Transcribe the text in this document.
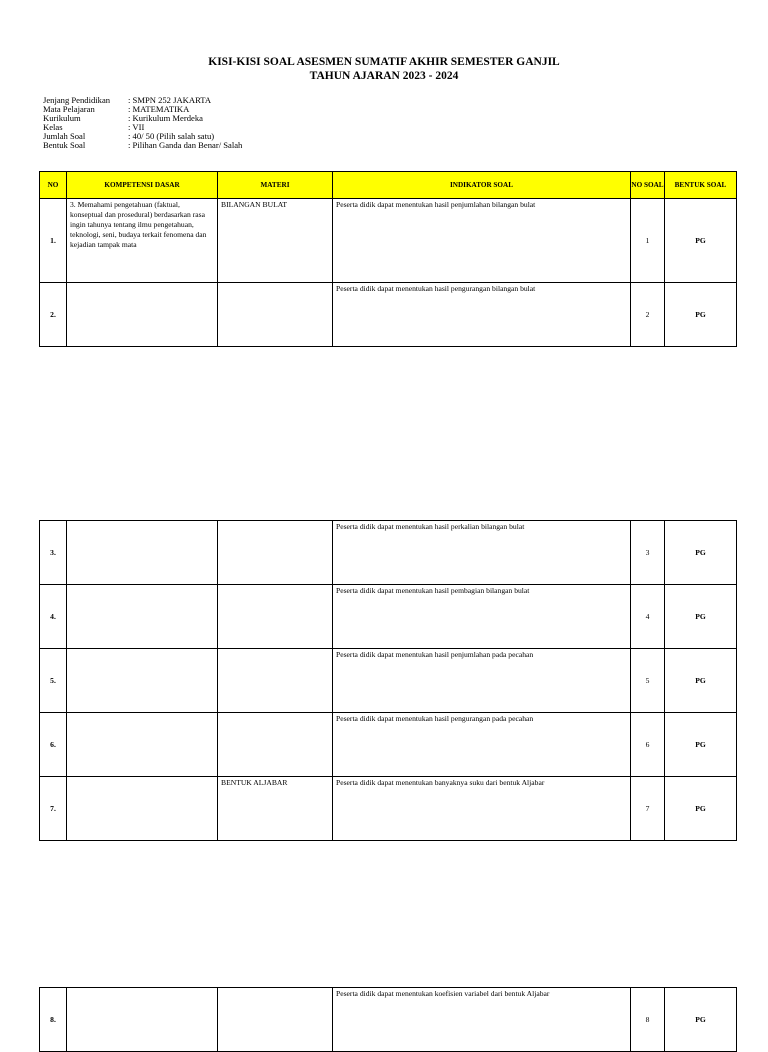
KISI-KISI SOAL ASESMEN SUMATIF AKHIR SEMESTER GANJIL
TAHUN AJARAN 2023 - 2024
Jenjang Pendidikan	: SMPN 252 JAKARTA
Mata Pelajaran	: MATEMATIKA
Kurikulum	: Kurikulum Merdeka
Kelas	: VII
Jumlah Soal	: 40/ 50 (Pilih salah satu)
Bentuk Soal	: Pilihan Ganda dan Benar/ Salah
NO	KOMPETENSI DASAR	MATERI	INDIKATOR SOAL	NO SOAL	BENTUK SOAL
1.	3. Memahami pengetahuan (faktual, konseptual dan prosedural) berdasarkan rasa ingin tahunya tentang ilmu pengetahuan, teknologi, seni, budaya terkait fenomena dan kejadian tampak mata	BILANGAN BULAT	Peserta didik dapat menentukan hasil penjumlahan bilangan bulat	1	PG
2.			Peserta didik dapat menentukan hasil pengurangan bilangan bulat	2	PG
3.			Peserta didik dapat menentukan hasil perkalian bilangan bulat	3	PG
4.			Peserta didik dapat menentukan hasil pembagian bilangan bulat	4	PG
5.			Peserta didik dapat menentukan hasil penjumlahan pada pecahan	5	PG
6.			Peserta didik dapat menentukan hasil pengurangan pada pecahan	6	PG
7.		BENTUK ALJABAR	Peserta didik dapat menentukan banyaknya suku dari bentuk Aljabar	7	PG
8.			Peserta didik dapat menentukan koefisien variabel dari bentuk Aljabar	8	PG
